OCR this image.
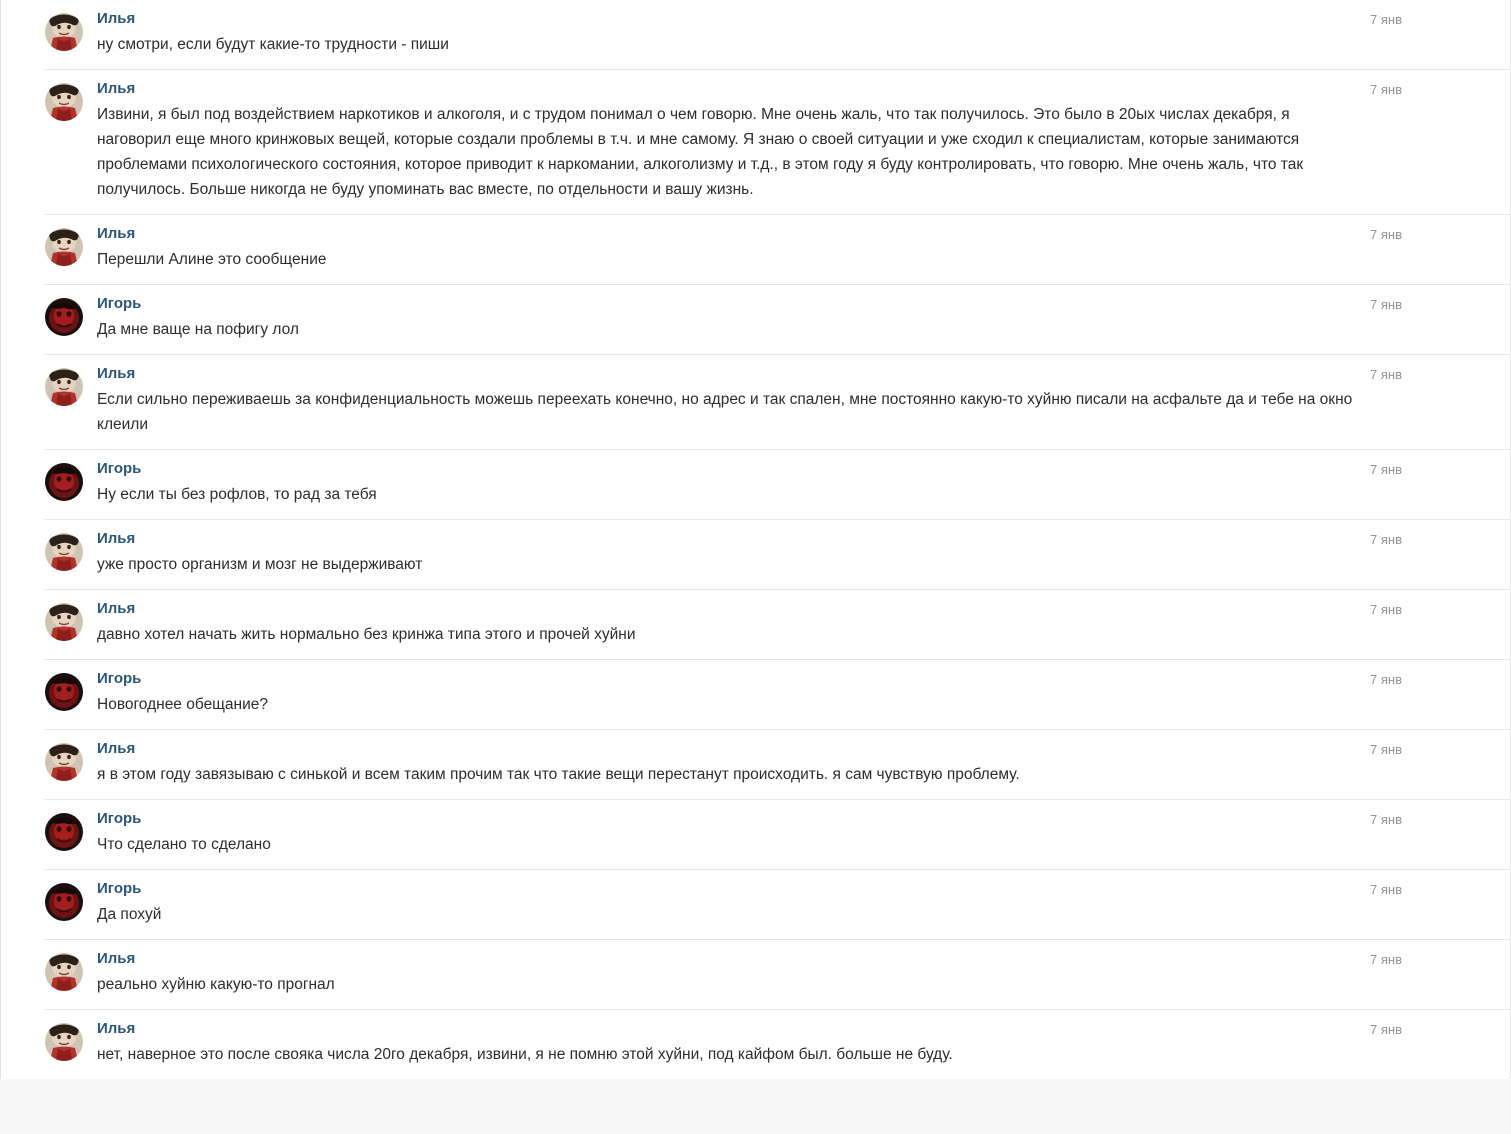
Илья
ну смотри, если будут какие-то трудности - пиши
7 янв
Илья
Извини, я был под воздействием наркотиков и алкоголя, и с трудом понимал о чем говорю. Мне очень жаль, что так получилось. Это было в 20ых числах декабря, я наговорил еще много кринжовых вещей, которые создали проблемы в т.ч. и мне самому. Я знаю о своей ситуации и уже сходил к специалистам, которые занимаются проблемами психологического состояния, которое приводит к наркомании, алкоголизму и т.д., в этом году я буду контролировать, что говорю. Мне очень жаль, что так получилось. Больше никогда не буду упоминать вас вместе, по отдельности и вашу жизнь.
7 янв
Илья
Перешли Алине это сообщение
7 янв
Игорь
Да мне ваще на пофигу лол
7 янв
Илья
Если сильно переживаешь за конфиденциальность можешь переехать конечно, но адрес и так спален, мне постоянно какую-то хуйню писали на асфальте да и тебе на окно клеили
7 янв
Игорь
Ну если ты без рофлов, то рад за тебя
7 янв
Илья
уже просто организм и мозг не выдерживают
7 янв
Илья
давно хотел начать жить нормально без кринжа типа этого и прочей хуйни
7 янв
Игорь
Новогоднее обещание?
7 янв
Илья
я в этом году завязываю с синькой и всем таким прочим так что такие вещи перестанут происходить. я сам чувствую проблему.
7 янв
Игорь
Что сделано то сделано
7 янв
Игорь
Да похуй
7 янв
Илья
реально хуйню какую-то прогнал
7 янв
Илья
нет, наверное это после свояка числа 20го декабря, извини, я не помню этой хуйни, под кайфом был. больше не буду.
7 янв
